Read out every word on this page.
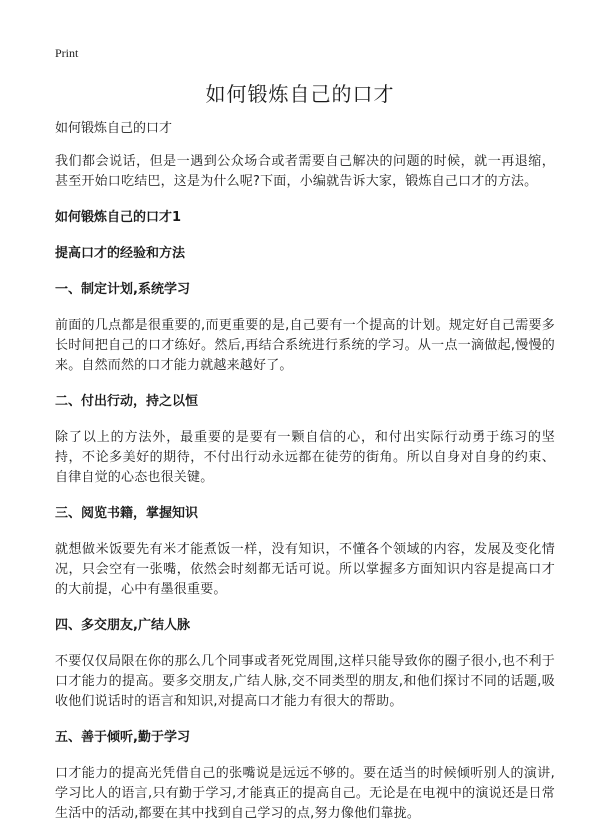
Print
如何锻炼自己的口才
如何锻炼自己的口才

我们都会说话，但是一遇到公众场合或者需要自己解决的问题的时候，就一再退缩，甚至开始口吃结巴，这是为什么呢?下面，小编就告诉大家，锻炼自己口才的方法。

如何锻炼自己的口才1
提高口才的经验和方法
一、制定计划,系统学习

前面的几点都是很重要的,而更重要的是,自己要有一个提高的计划。规定好自己需要多长时间把自己的口才练好。然后,再结合系统进行系统的学习。从一点一滴做起,慢慢的来。自然而然的口才能力就越来越好了。

二、付出行动，持之以恒

除了以上的方法外，最重要的是要有一颗自信的心，和付出实际行动勇于练习的坚持，不论多美好的期待，不付出行动永远都在徒劳的街角。所以自身对自身的约束、自律自觉的心态也很关键。

三、阅览书籍，掌握知识

就想做米饭要先有米才能煮饭一样，没有知识，不懂各个领域的内容，发展及变化情况，只会空有一张嘴，依然会时刻都无话可说。所以掌握多方面知识内容是提高口才的大前提，心中有墨很重要。

四、多交朋友,广结人脉

不要仅仅局限在你的那么几个同事或者死党周围,这样只能导致你的圈子很小,也不利于口才能力的提高。要多交朋友,广结人脉,交不同类型的朋友,和他们探讨不同的话题,吸收他们说话时的语言和知识,对提高口才能力有很大的帮助。

五、善于倾听,勤于学习

口才能力的提高光凭借自己的张嘴说是远远不够的。要在适当的时候倾听别人的演讲,学习比人的语言,只有勤于学习,才能真正的提高自己。无论是在电视中的演说还是日常生活中的活动,都要在其中找到自己学习的点,努力像他们靠拢。
